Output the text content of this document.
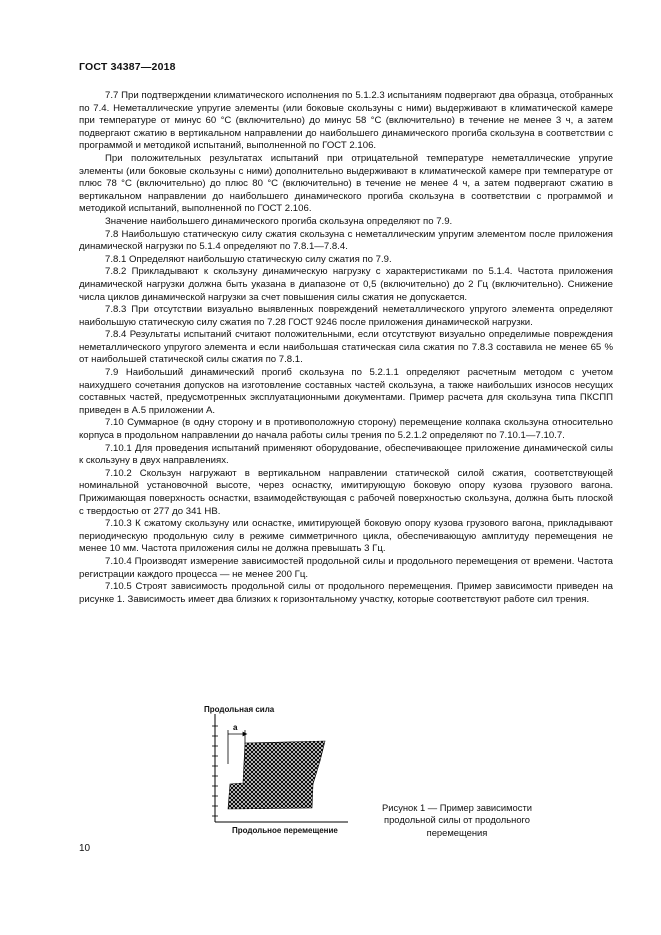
ГОСТ 34387—2018

7.7 При подтверждении климатического исполнения по 5.1.2.3 испытаниям подвергают два образца, отобранных по 7.4. Неметаллические упругие элементы (или боковые скользуны с ними) выдерживают в климатической камере при температуре от минус 60 °С (включительно) до минус 58 °С (включительно) в течение не менее 3 ч, а затем подвергают сжатию в вертикальном направлении до наибольшего динамического прогиба скользуна в соответствии с программой и методикой испытаний, выполненной по ГОСТ 2.106.

При положительных результатах испытаний при отрицательной температуре неметаллические упругие элементы (или боковые скользуны с ними) дополнительно выдерживают в климатической камере при температуре от плюс 78 °С (включительно) до плюс 80 °С (включительно) в течение не менее 4 ч, а затем подвергают сжатию в вертикальном направлении до наибольшего динамического прогиба скользуна в соответствии с программой и методикой испытаний, выполненной по ГОСТ 2.106.

Значение наибольшего динамического прогиба скользуна определяют по 7.9.

7.8 Наибольшую статическую силу сжатия скользуна с неметаллическим упругим элементом после приложения динамической нагрузки по 5.1.4 определяют по 7.8.1—7.8.4.

7.8.1 Определяют наибольшую статическую силу сжатия по 7.9.

7.8.2 Прикладывают к скользуну динамическую нагрузку с характеристиками по 5.1.4. Частота приложения динамической нагрузки должна быть указана в диапазоне от 0,5 (включительно) до 2 Гц (включительно). Снижение числа циклов динамической нагрузки за счет повышения силы сжатия не допускается.

7.8.3 При отсутствии визуально выявленных повреждений неметаллического упругого элемента определяют наибольшую статическую силу сжатия по 7.28 ГОСТ 9246 после приложения динамической нагрузки.

7.8.4 Результаты испытаний считают положительными, если отсутствуют визуально определимые повреждения неметаллического упругого элемента и если наибольшая статическая сила сжатия по 7.8.3 составила не менее 65 % от наибольшей статической силы сжатия по 7.8.1.

7.9 Наибольший динамический прогиб скользуна по 5.2.1.1 определяют расчетным методом с учетом наихудшего сочетания допусков на изготовление составных частей скользуна, а также наибольших износов несущих составных частей, предусмотренных эксплуатационными документами. Пример расчета для скользуна типа ПКСПП приведен в А.5 приложении А.

7.10 Суммарное (в одну сторону и в противоположную сторону) перемещение колпака скользуна относительно корпуса в продольном направлении до начала работы силы трения по 5.2.1.2 определяют по 7.10.1—7.10.7.

7.10.1 Для проведения испытаний применяют оборудование, обеспечивающее приложение динамической силы к скользуну в двух направлениях.

7.10.2 Скользун нагружают в вертикальном направлении статической силой сжатия, соответствующей номинальной установочной высоте, через оснастку, имитирующую боковую опору кузова грузового вагона. Прижимающая поверхность оснастки, взаимодействующая с рабочей поверхностью скользуна, должна быть плоской с твердостью от 277 до 341 НВ.

7.10.3 К сжатому скользуну или оснастке, имитирующей боковую опору кузова грузового вагона, прикладывают периодическую продольную силу в режиме симметричного цикла, обеспечивающую амплитуду перемещения не менее 10 мм. Частота приложения силы не должна превышать 3 Гц.

7.10.4 Производят измерение зависимостей продольной силы и продольного перемещения от времени. Частота регистрации каждого процесса — не менее 200 Гц.

7.10.5 Строят зависимость продольной силы от продольного перемещения. Пример зависимости приведен на рисунке 1. Зависимость имеет два близких к горизонтальному участку, которые соответствуют работе сил трения.

Продольная сила
a
Продольное перемещение
Рисунок 1 — Пример зависимости продольной силы от продольного перемещения
10
